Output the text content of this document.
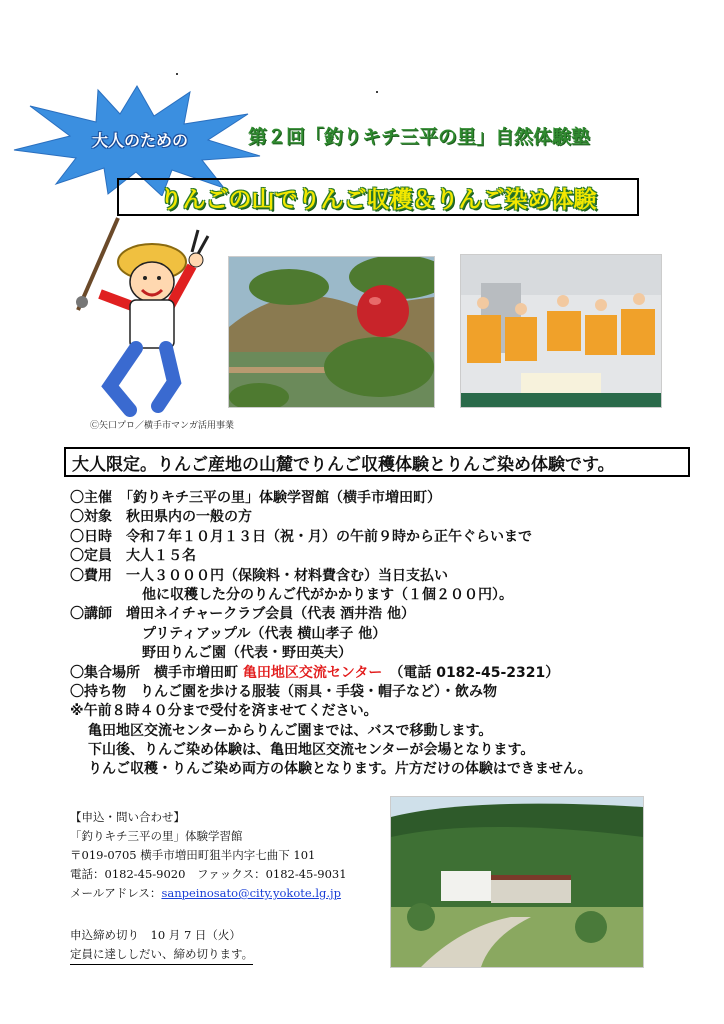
大人のための	第２回「釣りキチ三平の里」自然体験塾
りんごの山でりんご収穫＆りんご染め体験
Ⓒ矢口プロ／横手市マンガ活用事業
大人限定。りんご産地の山麓でりんご収穫体験とりんご染め体験です。
〇主催　「釣りキチ三平の里」体験学習館（横手市増田町）
〇対象　秋田県内の一般の方
〇日時　令和７年１０月１３日（祝・月）の午前９時から正午ぐらいまで
〇定員　大人１５名
〇費用　一人３０００円（保険料・材料費含む）当日支払い
他に収穫した分のりんご代がかかります（１個２００円）。
〇講師　増田ネイチャークラブ会員（代表 酒井浩 他）
プリティアップル（代表 横山孝子 他）
野田りんご園（代表・野田英夫）
〇集合場所　横手市増田町 亀田地区交流センター　（電話 0182-45-2321）
〇持ち物　りんご園を歩ける服装（雨具・手袋・帽子など）・飲み物
※午前８時４０分まで受付を済ませてください。
亀田地区交流センターからりんご園までは、バスで移動します。
下山後、りんご染め体験は、亀田地区交流センターが会場となります。
りんご収穫・りんご染め両方の体験となります。片方だけの体験はできません。
【申込・問い合わせ】
「釣りキチ三平の里」体験学習館
〒019-0705 横手市増田町狙半内字七曲下 101
電話：0182-45-9020　ファックス：0182-45-9031
メールアドレス：sanpeinosato@city.yokote.lg.jp
申込締め切り　10 月 7 日（火）
定員に達ししだい、締め切ります。
